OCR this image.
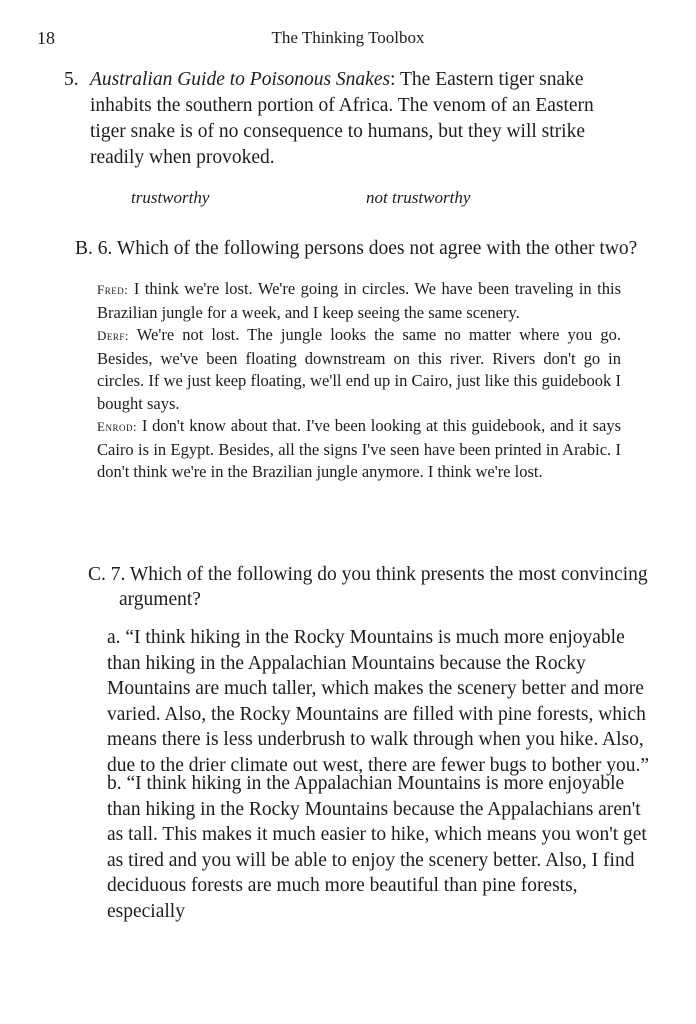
18	The Thinking Toolbox
5. Australian Guide to Poisonous Snakes: The Eastern tiger snake inhabits the southern portion of Africa. The venom of an Eastern tiger snake is of no consequence to humans, but they will strike readily when provoked.
trustworthy	not trustworthy
B. 6. Which of the following persons does not agree with the other two?

Fred: I think we're lost. We're going in circles. We have been traveling in this Brazilian jungle for a week, and I keep seeing the same scenery.

Derf: We're not lost. The jungle looks the same no matter where you go. Besides, we've been floating downstream on this river. Rivers don't go in circles. If we just keep floating, we'll end up in Cairo, just like this guidebook I bought says.

Enrod: I don't know about that. I've been looking at this guidebook, and it says Cairo is in Egypt. Besides, all the signs I've seen have been printed in Arabic. I don't think we're in the Brazilian jungle anymore. I think we're lost.

C. 7. Which of the following do you think presents the most convincing
argument?
a. “I think hiking in the Rocky Mountains is much more enjoyable than hiking in the Appalachian Mountains because the Rocky Mountains are much taller, which makes the scenery better and more varied. Also, the Rocky Mountains are filled with pine forests, which means there is less underbrush to walk through when you hike. Also, due to the drier climate out west, there are fewer bugs to bother you.”
b. “I think hiking in the Appalachian Mountains is more enjoyable than hiking in the Rocky Mountains because the Appalachians aren't as tall. This makes it much easier to hike, which means you won't get as tired and you will be able to enjoy the scenery better. Also, I find deciduous forests are much more beautiful than pine forests, especially
